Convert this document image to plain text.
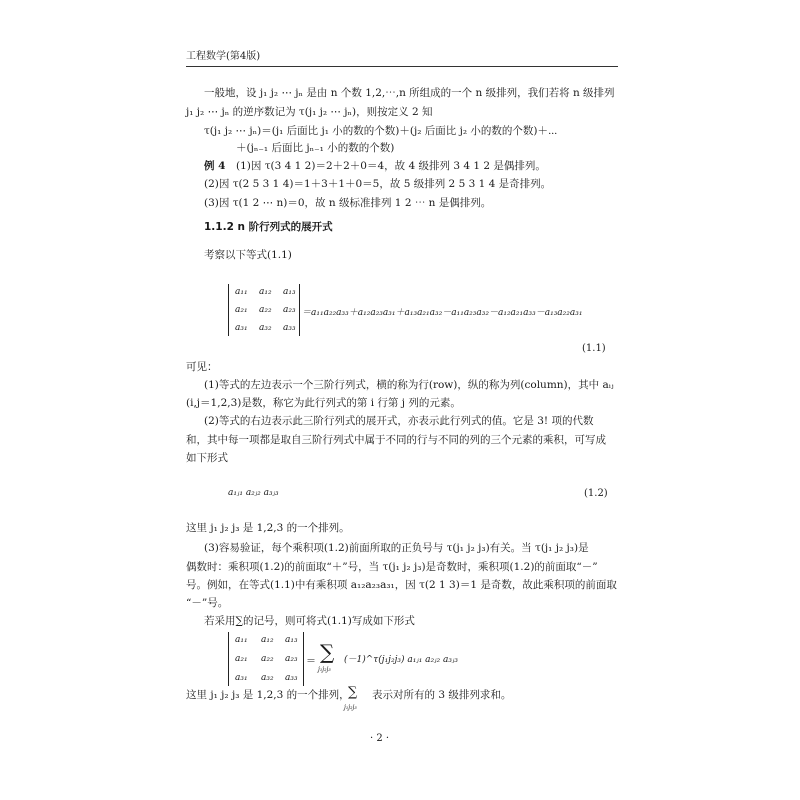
工程数学(第4版)
一般地，设 j₁ j₂ ⋯ jₙ 是由 n 个数 1,2,⋯,n 所组成的一个 n 级排列，我们若将 n 级排列
j₁ j₂ ⋯ jₙ 的逆序数记为 τ(j₁ j₂ ⋯ jₙ)，则按定义 2 知
τ(j₁ j₂ ⋯ jₙ)＝(j₁ 后面比 j₁ 小的数的个数)＋(j₂ 后面比 j₂ 小的数的个数)＋⋯
＋(jₙ₋₁ 后面比 jₙ₋₁ 小的数的个数)
例 4 (1)因 τ(3 4 1 2)＝2＋2＋0＝4，故 4 级排列 3 4 1 2 是偶排列。
(2)因 τ(2 5 3 1 4)＝1＋3＋1＋0＝5，故 5 级排列 2 5 3 1 4 是奇排列。
(3)因 τ(1 2 ⋯ n)＝0，故 n 级标准排列 1 2 ⋯ n 是偶排列。
1.1.2 n 阶行列式的展开式
考察以下等式(1.1)
a₁₁ a₁₂ a₁₃
a₂₁ a₂₂ a₂₃
a₃₁ a₃₂ a₃₃
＝a₁₁a₂₂a₃₃＋a₁₂a₂₃a₃₁＋a₁₃a₂₁a₃₂－a₁₁a₂₃a₃₂－a₁₂a₂₁a₃₃－a₁₃a₂₂a₃₁
(1.1)
可见：
(1)等式的左边表示一个三阶行列式，横的称为行(row)，纵的称为列(column)，其中 aᵢⱼ
(i,j＝1,2,3)是数，称它为此行列式的第 i 行第 j 列的元素。
(2)等式的右边表示此三阶行列式的展开式，亦表示此行列式的值。它是 3! 项的代数
和，其中每一项都是取自三阶行列式中属于不同的行与不同的列的三个元素的乘积，可写成
如下形式
a₁ⱼ₁ a₂ⱼ₂ a₃ⱼ₃	(1.2)
这里 j₁ j₂ j₃ 是 1,2,3 的一个排列。
(3)容易验证，每个乘积项(1.2)前面所取的正负号与 τ(j₁ j₂ j₃)有关。当 τ(j₁ j₂ j₃)是
偶数时：乘积项(1.2)的前面取“＋”号，当 τ(j₁ j₂ j₃)是奇数时，乘积项(1.2)的前面取“－”
号。例如，在等式(1.1)中有乘积项 a₁₂a₂₃a₃₁，因 τ(2 1 3)＝1 是奇数，故此乘积项的前面取
“－”号。
若采用∑的记号，则可将式(1.1)写成如下形式
a₁₁ a₁₂ a₁₃
a₂₁ a₂₂ a₂₃
a₃₁ a₃₂ a₃₃
＝ ∑
j₁j₂j₃
(－1)^τ(j₁j₂j₃) a₁ⱼ₁ a₂ⱼ₂ a₃ⱼ₃
这里 j₁ j₂ j₃ 是 1,2,3 的一个排列，
∑
j₁j₂j₃
表示对所有的 3 级排列求和。
· 2 ·
